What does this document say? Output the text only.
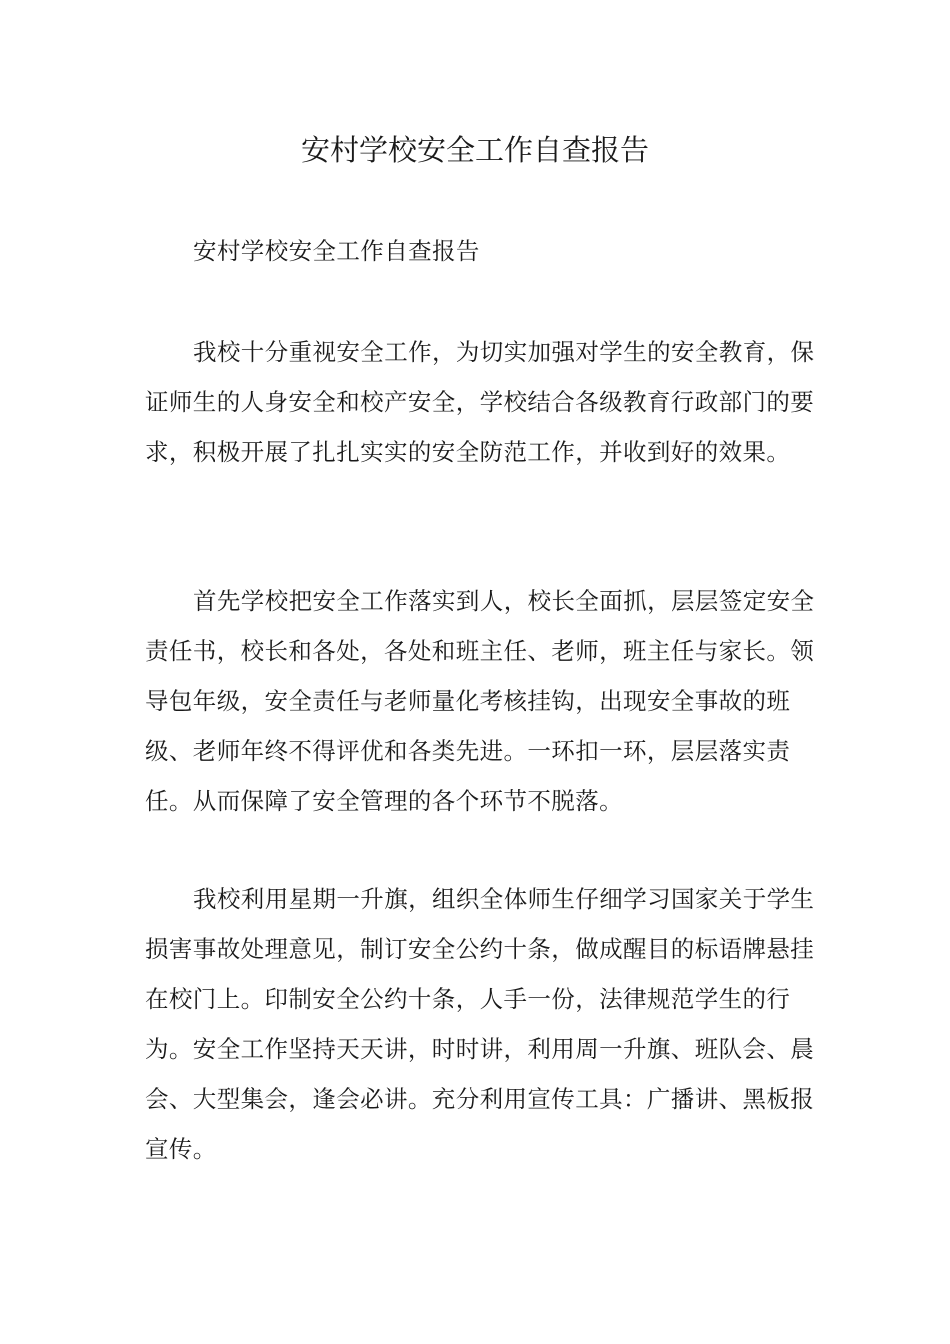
安村学校安全工作自查报告

安村学校安全工作自查报告

我校十分重视安全工作，为切实加强对学生的安全教育，保证师生的人身安全和校产安全，学校结合各级教育行政部门的要求，积极开展了扎扎实实的安全防范工作，并收到好的效果。

首先学校把安全工作落实到人，校长全面抓，层层签定安全责任书，校长和各处，各处和班主任、老师，班主任与家长。领导包年级，安全责任与老师量化考核挂钩，出现安全事故的班级、老师年终不得评优和各类先进。一环扣一环，层层落实责任。从而保障了安全管理的各个环节不脱落。

我校利用星期一升旗，组织全体师生仔细学习国家关于学生损害事故处理意见，制订安全公约十条，做成醒目的标语牌悬挂在校门上。印制安全公约十条，人手一份，法律规范学生的行为。安全工作坚持天天讲，时时讲，利用周一升旗、班队会、晨会、大型集会，逢会必讲。充分利用宣传工具：广播讲、黑板报宣传。
